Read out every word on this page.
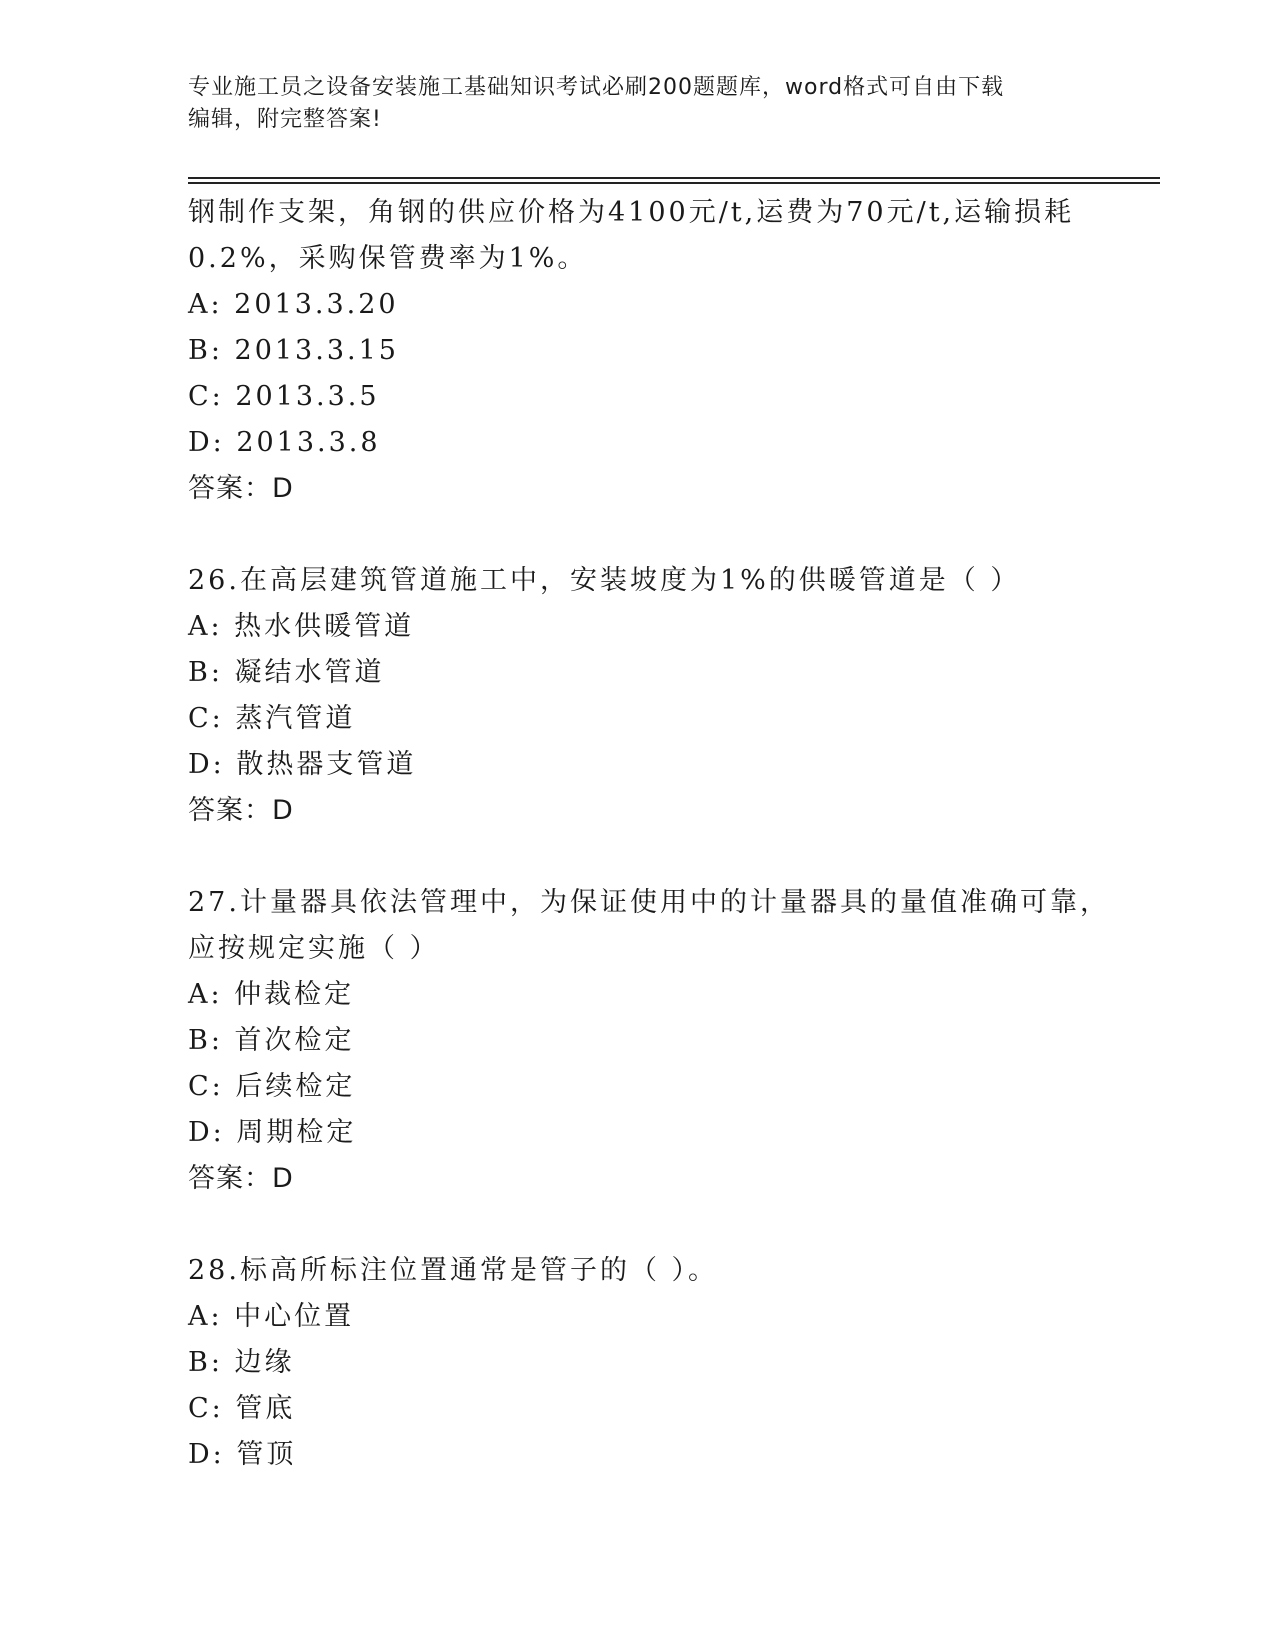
专业施工员之设备安装施工基础知识考试必刷200题题库，word格式可自由下载
编辑，附完整答案!
钢制作支架，角钢的供应价格为4100元/t,运费为70元/t,运输损耗
0.2%，采购保管费率为1%。
A: 2013.3.20
B: 2013.3.15
C: 2013.3.5
D: 2013.3.8
答案：D
26.在高层建筑管道施工中，安装坡度为1%的供暖管道是（ ）
A: 热水供暖管道
B: 凝结水管道
C: 蒸汽管道
D: 散热器支管道
答案：D
27.计量器具依法管理中，为保证使用中的计量器具的量值准确可靠，
应按规定实施（ ）
A: 仲裁检定
B: 首次检定
C: 后续检定
D: 周期检定
答案：D
28.标高所标注位置通常是管子的（ ）。
A: 中心位置
B: 边缘
C: 管底
D: 管顶
